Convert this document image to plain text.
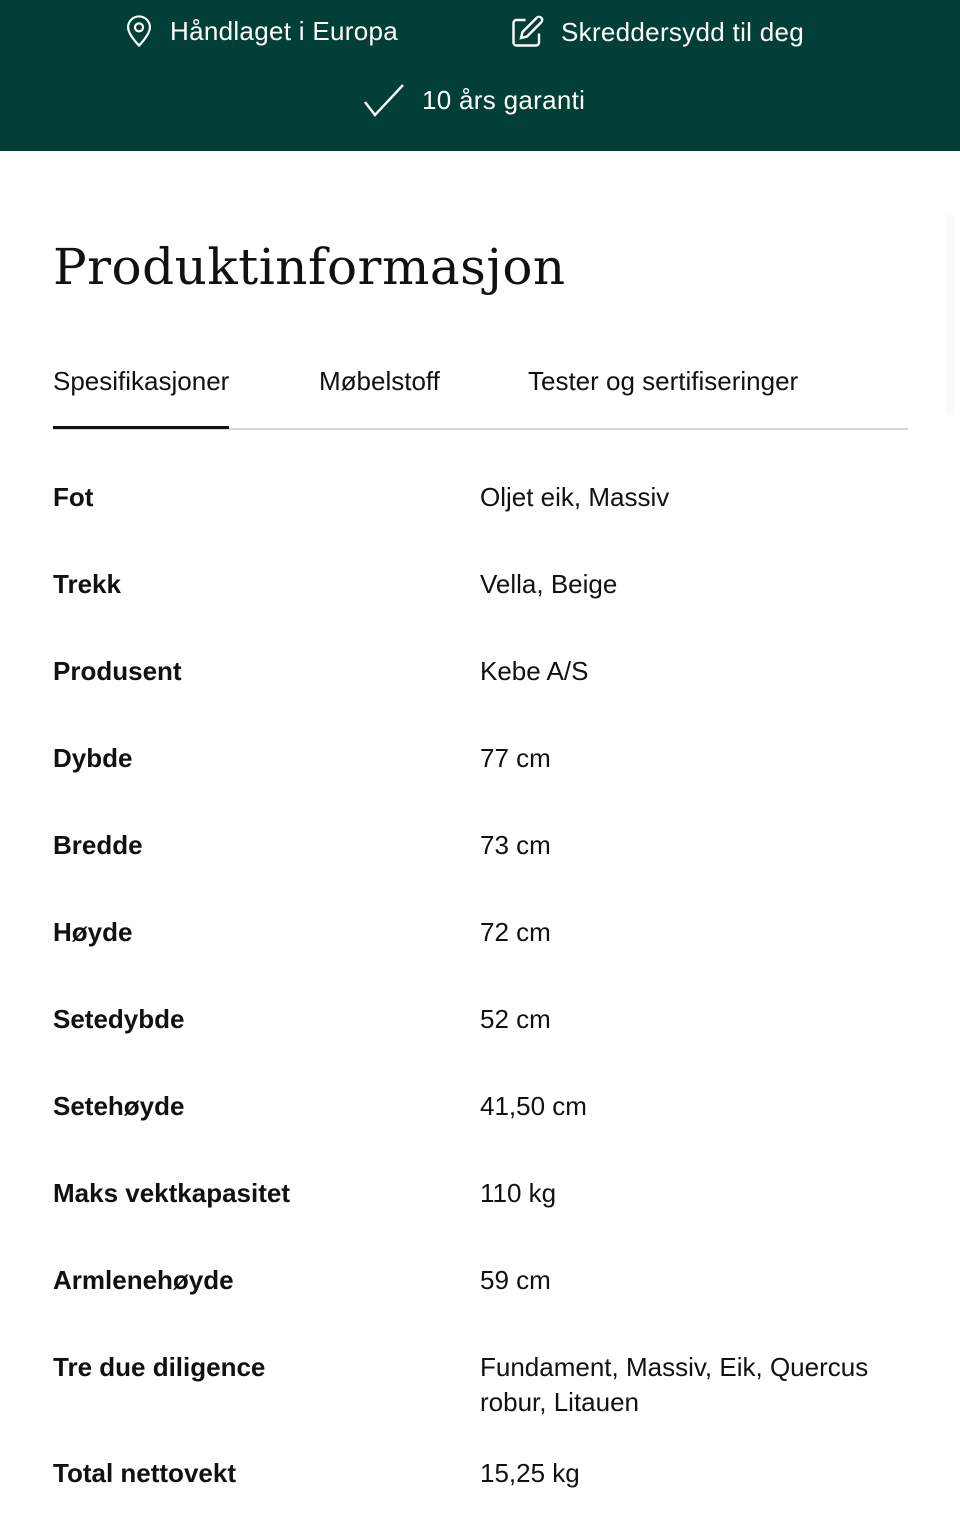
Håndlaget i Europa	Skreddersydd til deg
10 års garanti
Produktinformasjon
Spesifikasjoner	Møbelstoff	Tester og sertifiseringer
Fot	Oljet eik, Massiv
Trekk	Vella, Beige
Produsent	Kebe A/S
Dybde	77 cm
Bredde	73 cm
Høyde	72 cm
Setedybde	52 cm
Setehøyde	41,50 cm
Maks vektkapasitet	110 kg
Armlenehøyde	59 cm
Tre due diligence	Fundament, Massiv, Eik, Quercus robur, Litauen
Total nettovekt	15,25 kg
